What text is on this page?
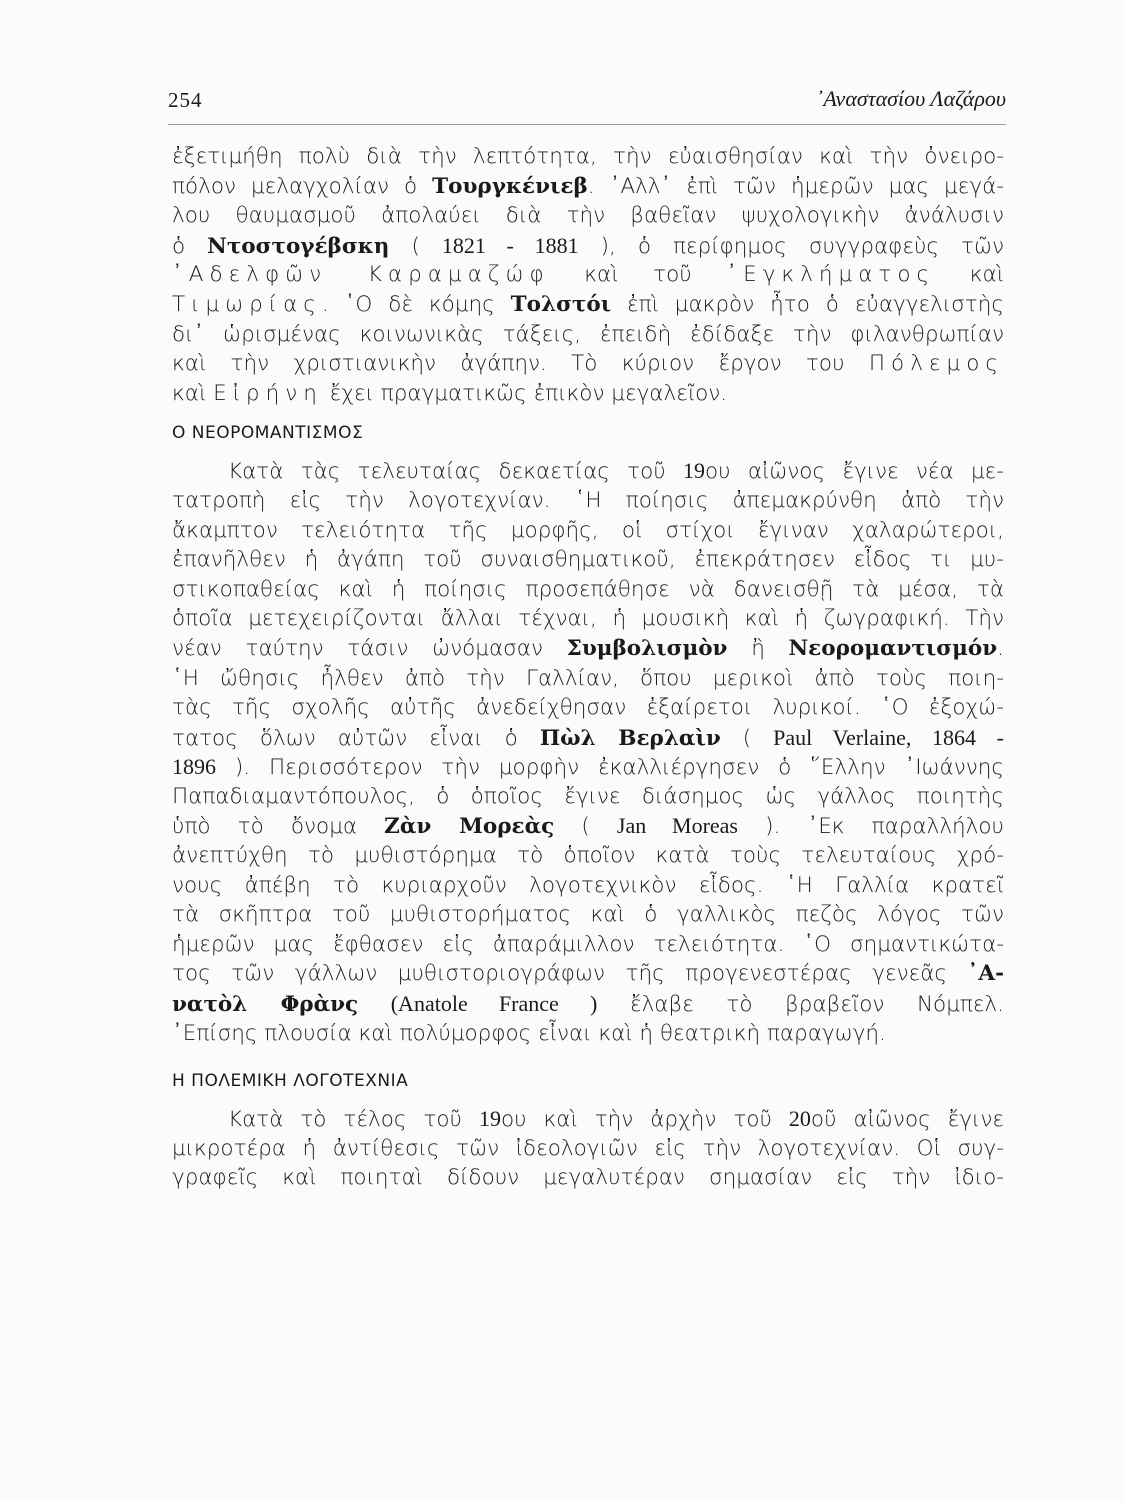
254	᾿Αναστασίου Λαζάρου
ἐξετιμήθη πολὺ διὰ τὴν λεπτότητα, τὴν εὐαισθησίαν καὶ τὴν ὀνειρο-
πόλον μελαγχολίαν ὁ Τουργκένιεβ. ᾿Αλλ᾿ ἐπὶ τῶν ἡμερῶν μας μεγά-
λου θαυμασμοῦ ἀπολαύει διὰ τὴν βαθεῖαν ψυχολογικὴν ἀνάλυσιν
ὁ Ντοστογέβσκη ( 1821 - 1881 ), ὁ περίφημος συγγραφεὺς τῶν
᾿Αδελφῶν Καραμαζώφ καὶ τοῦ ᾿Εγκλήματος καὶ
Τιμωρίας. ῾Ο δὲ κόμης Τολστόι ἐπὶ μακρὸν ἦτο ὁ εὐαγγελιστὴς
δι᾿ ὡρισμένας κοινωνικὰς τάξεις, ἐπειδὴ ἐδίδαξε τὴν φιλανθρωπίαν
καὶ τὴν χριστιανικὴν ἀγάπην. Τὸ κύριον ἔργον του Πόλεμος
καὶ Εἰρήνη ἔχει πραγματικῶς ἐπικὸν μεγαλεῖον.
Ο ΝΕΟΡΟΜΑΝΤΙΣΜΟΣ
Κατὰ τὰς τελευταίας δεκαετίας τοῦ 19ου αἰῶνος ἔγινε νέα με-
τατροπὴ εἰς τὴν λογοτεχνίαν. ῾Η ποίησις ἀπεμακρύνθη ἀπὸ τὴν
ἄκαμπτον τελειότητα τῆς μορφῆς, οἱ στίχοι ἔγιναν χαλαρώτεροι,
ἐπανῆλθεν ἡ ἀγάπη τοῦ συναισθηματικοῦ, ἐπεκράτησεν εἶδος τι μυ-
στικοπαθείας καὶ ἡ ποίησις προσεπάθησε νὰ δανεισθῇ τὰ μέσα, τὰ
ὁποῖα μετεχειρίζονται ἄλλαι τέχναι, ἡ μουσικὴ καὶ ἡ ζωγραφική. Τὴν
νέαν ταύτην τάσιν ὠνόμασαν Συμβολισμὸν ἢ Νεορομαντισμόν.
῾Η ὤθησις ἦλθεν ἀπὸ τὴν Γαλλίαν, ὅπου μερικοὶ ἀπὸ τοὺς ποιη-
τὰς τῆς σχολῆς αὐτῆς ἀνεδείχθησαν ἐξαίρετοι λυρικοί. ῾Ο ἐξοχώ-
τατος ὅλων αὐτῶν εἶναι ὁ Πὼλ Βερλαὶν ( Paul Verlaine, 1864 -
1896 ). Περισσότερον τὴν μορφὴν ἐκαλλιέργησεν ὁ ῞Ελλην ᾿Ιωάννης
Παπαδιαμαντόπουλος, ὁ ὁποῖος ἔγινε διάσημος ὡς γάλλος ποιητὴς
ὑπὸ τὸ ὄνομα Ζὰν Μορεὰς ( Jan Moreas ). ᾿Εκ παραλλήλου
ἀνεπτύχθη τὸ μυθιστόρημα τὸ ὁποῖον κατὰ τοὺς τελευταίους χρό-
νους ἀπέβη τὸ κυριαρχοῦν λογοτεχνικὸν εἶδος. ῾Η Γαλλία κρατεῖ
τὰ σκῆπτρα τοῦ μυθιστορήματος καὶ ὁ γαλλικὸς πεζὸς λόγος τῶν
ἡμερῶν μας ἔφθασεν εἰς ἀπαράμιλλον τελειότητα. ῾Ο σημαντικώτα-
τος τῶν γάλλων μυθιστοριογράφων τῆς προγενεστέρας γενεᾶς ᾿Α-
νατὸλ Φρὰνς (Anatole France ) ἔλαβε τὸ βραβεῖον Νόμπελ.
᾿Επίσης πλουσία καὶ πολύμορφος εἶναι καὶ ἡ θεατρικὴ παραγωγή.
Η ΠΟΛΕΜΙΚΗ ΛΟΓΟΤΕΧΝΙΑ
Κατὰ τὸ τέλος τοῦ 19ου καὶ τὴν ἀρχὴν τοῦ 20οῦ αἰῶνος ἔγινε
μικροτέρα ἡ ἀντίθεσις τῶν ἰδεολογιῶν εἰς τὴν λογοτεχνίαν. Οἱ συγ-
γραφεῖς καὶ ποιηταὶ δίδουν μεγαλυτέραν σημασίαν εἰς τὴν ἰδιο-
